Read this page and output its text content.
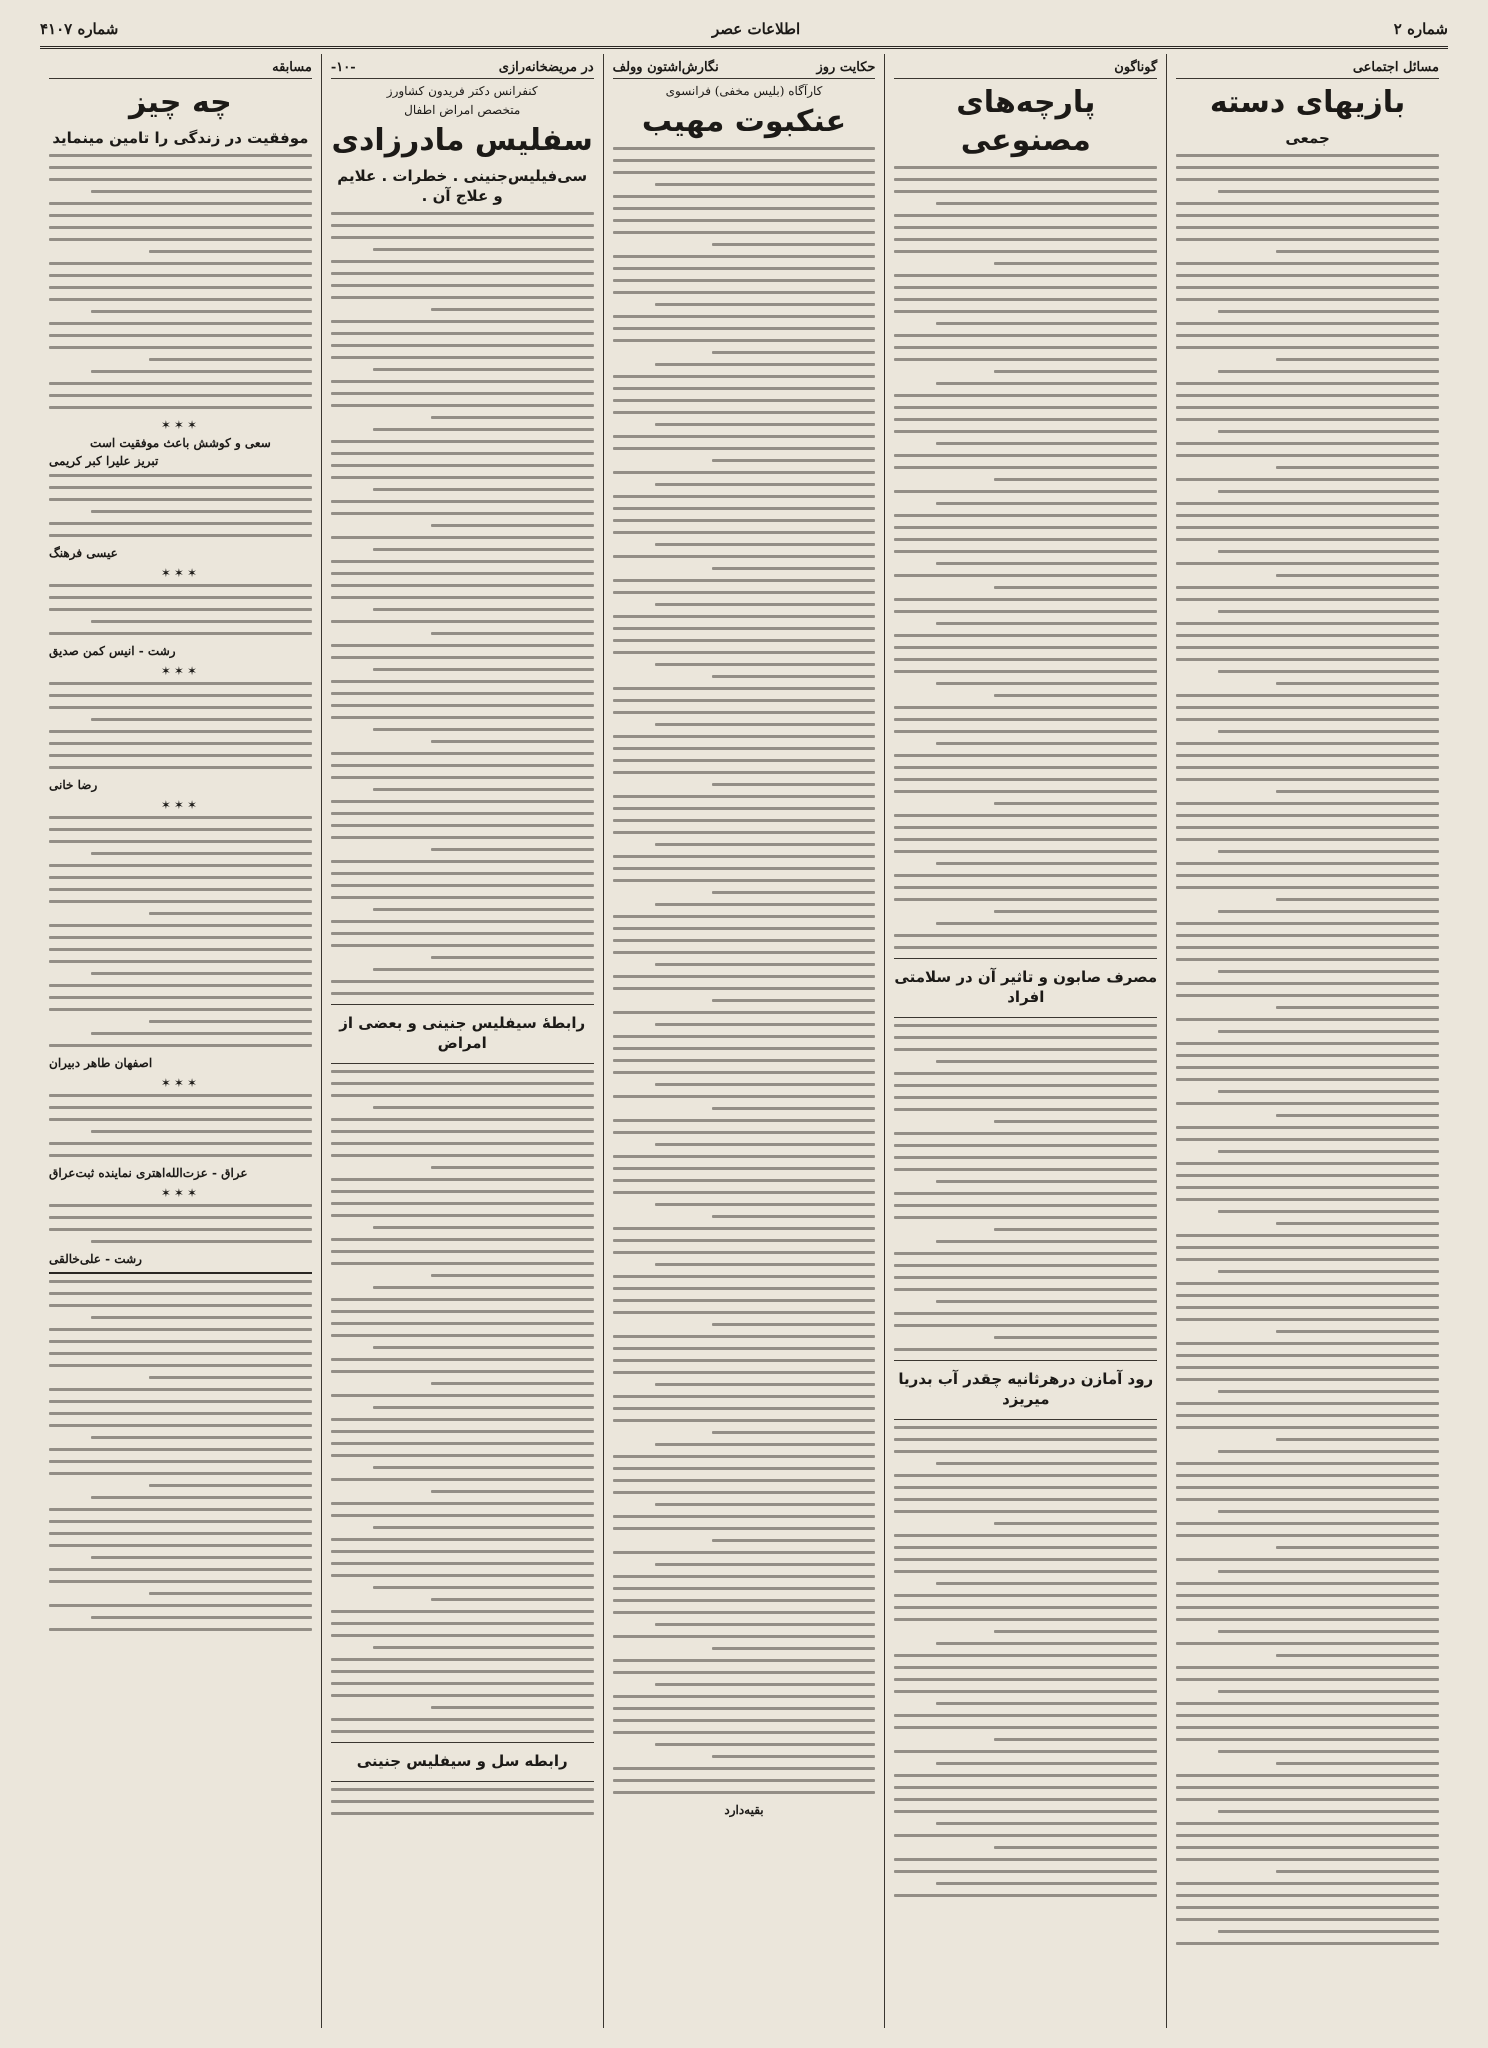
شماره ۴۱۰۷	اطلاعات عصر	شماره ۲
مسائل اجتماعی
بازیهای دسته
جمعی
گوناگون
پارچه‌های مصنوعی
مصرف صابون و تاثیر آن در سلامتی افراد
رود آمازن درهرثانیه چقدر آب بدریا میریزد
حکایت روز
نگارش‌اشتون وولف
کارآگاه (بلیس مخفی) فرانسوی
عنکبوت مهیب
بقیه‌دارد
در مریضخانه‌رازی
-۱۰-
کنفرانس دکتر فریدون کشاورز
متخصص امراض اطفال
سفلیس مادرزادی
سی‌فیلیس‌جنینی . خطرات . علایم و علاج آن .
رابطهٔ سیفلیس جنینی و بعضی از امراض
رابطه سل و سیفلیس جنینی
مسابقه
چه چیز
موفقیت در زندگی را تامین مینماید
✶✶✶
سعی و کوشش باعث موفقیت است
تبریز علیرا کبر کریمی
عیسی فرهنگ
✶✶✶
رشت - انیس کمن صدیق
✶✶✶
رضا خانی
✶✶✶
اصفهان طاهر دبیران
✶✶✶
عراق - عزت‌الله‌اهتری نماینده ثبت‌عراق
✶✶✶
رشت - علی‌خالقی
